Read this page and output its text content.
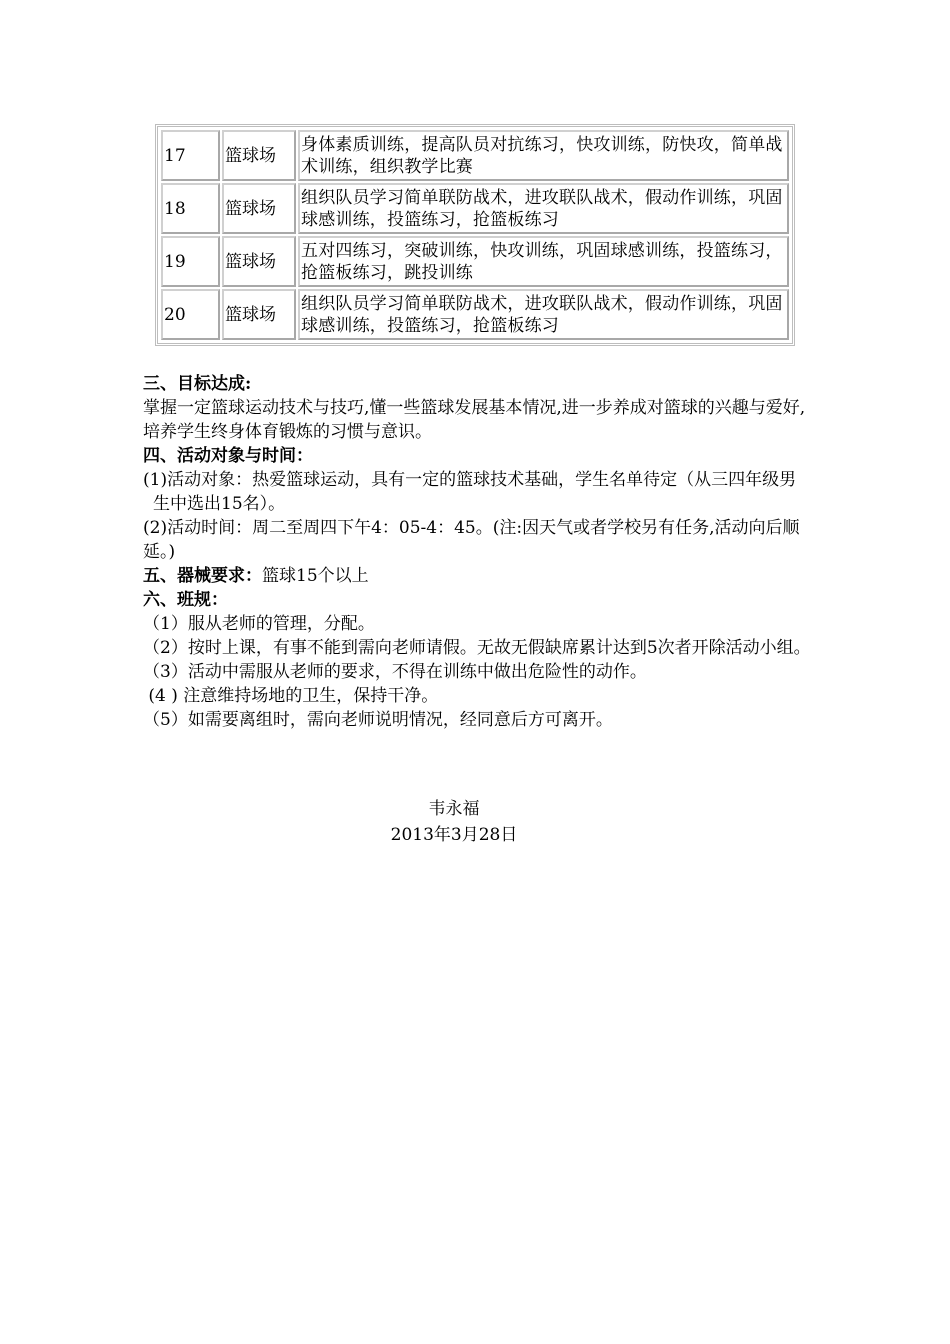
17	篮球场	身体素质训练，提高队员对抗练习，快攻训练，防快攻，简单战术训练，组织教学比赛
18	篮球场	组织队员学习简单联防战术，进攻联队战术，假动作训练，巩固球感训练，投篮练习，抢篮板练习
19	篮球场	五对四练习，突破训练，快攻训练，巩固球感训练，投篮练习，抢篮板练习，跳投训练
20	篮球场	组织队员学习简单联防战术，进攻联队战术，假动作训练，巩固球感训练，投篮练习，抢篮板练习

三、目标达成:

掌握一定篮球运动技术与技巧,懂一些篮球发展基本情况,进一步养成对篮球的兴趣与爱好,培养学生终身体育锻炼的习惯与意识。

四、活动对象与时间：

(1)活动对象：热爱篮球运动，具有一定的篮球技术基础，学生名单待定（从三四年级男生中选出15名）。

(2)活动时间：周二至周四下午4：05-4：45。(注:因天气或者学校另有任务,活动向后顺延。)

五、器械要求：篮球15个以上

六、班规：

（1）服从老师的管理，分配。

（2）按时上课，有事不能到需向老师请假。无故无假缺席累计达到5次者开除活动小组。

（3）活动中需服从老师的要求，不得在训练中做出危险性的动作。

(4 ) 注意维持场地的卫生，保持干净。

（5）如需要离组时，需向老师说明情况，经同意后方可离开。

韦永福
2013年3月28日
